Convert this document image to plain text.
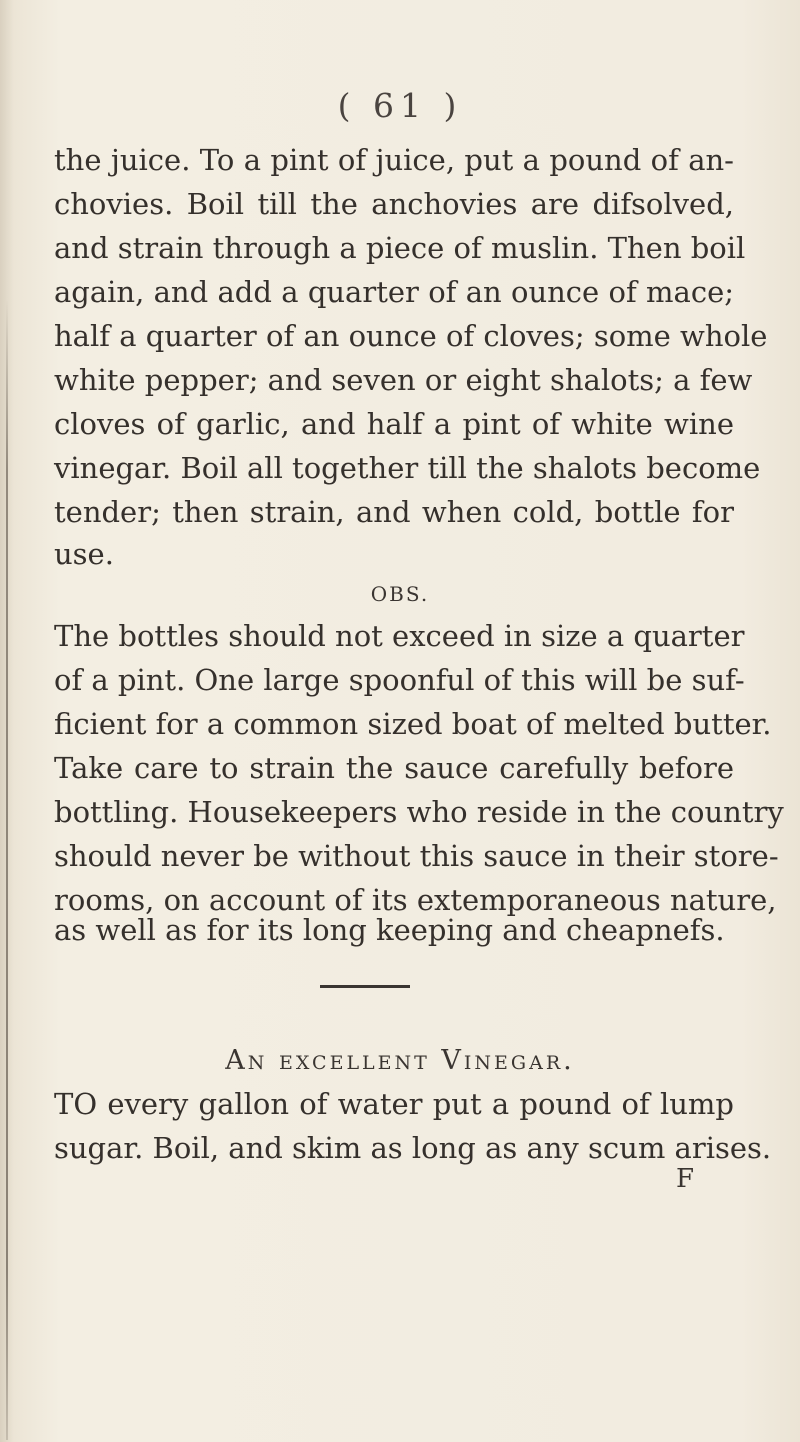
( 61 )
the juice. To a pint of juice, put a pound of an-
chovies. Boil till the anchovies are difsolved,
and strain through a piece of muslin. Then boil
again, and add a quarter of an ounce of mace;
half a quarter of an ounce of cloves; some whole
white pepper; and seven or eight shalots; a few
cloves of garlic, and half a pint of white wine
vinegar. Boil all together till the shalots become
tender; then strain, and when cold, bottle for
use.
OBS.
The bottles should not exceed in size a quarter
of a pint. One large spoonful of this will be suf-
ficient for a common sized boat of melted butter.
Take care to strain the sauce carefully before
bottling. Housekeepers who reside in the country
should never be without this sauce in their store-
rooms, on account of its extemporaneous nature,
as well as for its long keeping and cheapnefs.
An excellent Vinegar.
TO every gallon of water put a pound of lump
sugar. Boil, and skim as long as any scum arises.
F
